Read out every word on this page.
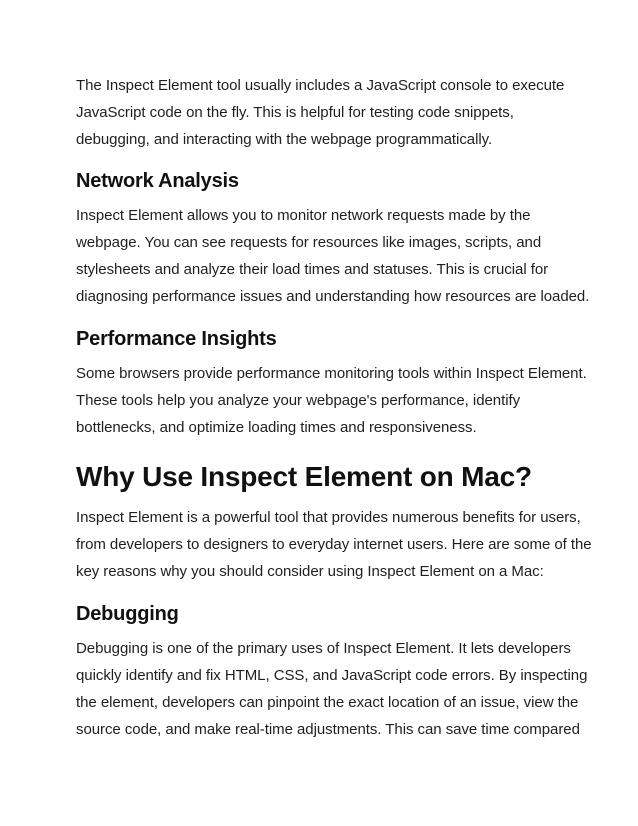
The Inspect Element tool usually includes a JavaScript console to execute
JavaScript code on the fly. This is helpful for testing code snippets,
debugging, and interacting with the webpage programmatically.

Network Analysis

Inspect Element allows you to monitor network requests made by the
webpage. You can see requests for resources like images, scripts, and
stylesheets and analyze their load times and statuses. This is crucial for
diagnosing performance issues and understanding how resources are loaded.

Performance Insights

Some browsers provide performance monitoring tools within Inspect Element.
These tools help you analyze your webpage's performance, identify
bottlenecks, and optimize loading times and responsiveness.

Why Use Inspect Element on Mac?

Inspect Element is a powerful tool that provides numerous benefits for users,
from developers to designers to everyday internet users. Here are some of the
key reasons why you should consider using Inspect Element on a Mac:

Debugging

Debugging is one of the primary uses of Inspect Element. It lets developers
quickly identify and fix HTML, CSS, and JavaScript code errors. By inspecting
the element, developers can pinpoint the exact location of an issue, view the
source code, and make real-time adjustments. This can save time compared
